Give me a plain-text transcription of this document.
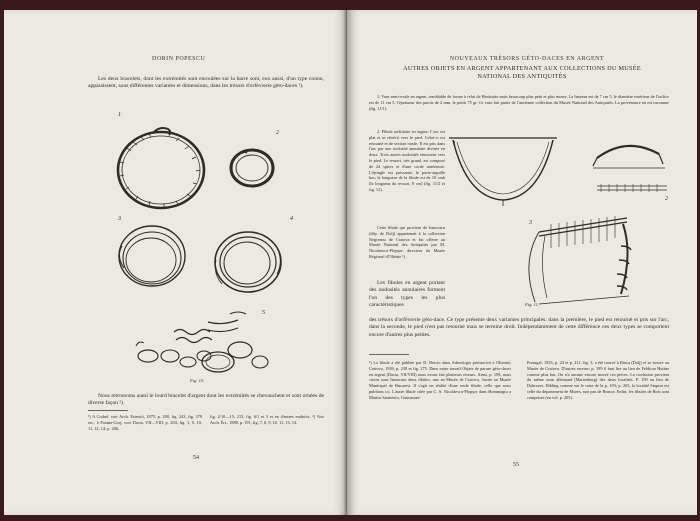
DORIN POPESCU
Les deux bracelets, dont les extrémités sont enroulées sur la barre sont, eux aussi, d'un type connu, apparaissent, sous différentes variantes et dimensions, dans les trésors d'orfèvrerie gèto-daces ¹).
1
2
3	4
5
Fig. 10.
Nous retrouvons aussi le lourd bracelet d'argent dont les extrémités se chevauchent et sont ornées de diverse façon ²).
¹) A Corbel, voir Arch. Ertesitö, 1875, p. 290, fig. 243, fig. 378 etc.; à Poiana-Gorj, voir Dacia, VII—VIII, p. 204, fig. 1, 9, 10, 11, 12, 14; p. 206,
fig. 2/10—15; 213, fig. 6/1 et 3 et en d'autres endroits. ²) Voir Arch. Ért., 1888, p. 191, fig. 7, 8, 9, 10, 11, 13, 14.
54
NOUVEAUX TRÉSORS GÈTO-DACES EN ARGENT
AUTRES OBJETS EN ARGENT APPARTENANT AUX COLLECTIONS DU MUSÉE
NATIONAL DES ANTIQUITÉS
1. Vase semi-ovale en argent, semblable de forme à celui de Herästräu mais beaucoup plus petit et plus mince. La hauteur est de 7 cm 5, le diamètre extérieur de l'orifice est de 11 cm 5, l'épaisseur des parois de 2 mm, le poids 75 gr. Ce vase fait partie de l'ancienne collection du Musée National des Antiquités. La provenance en est inconnue (fig. 11/1).
2. Fibule nodulaire en argent. L'arc est plat et se rétrécit vers le pied. Celui-ci est retourné et de section ronde. Il est pris dans l'arc par une nodosité annulaire divisée en deux. Trois autres nodosités entourent vers le pied. Le ressort, très grand, est composé de 24 spires et d'une corde antérieure. L'épingle est puissante, le porte-aiguille bas; la longueur de la fibule est de 10 cmh (la longueur du ressort, 8 cm) (fig. 11/2 et fig. 12).
Cette fibule qui provient de Ismovaru (dép. de Dolj) appartenait à la collection Negreanu de Craiova et fut offerte au Musée National des Antiquités par M. Nicolaescu-Plopşor, directeur du Musée Régional d'Olténie ¹).
1
2
3
Fig. 11.
Les fibules en argent portant des nodosités annulaires forment l'un des types les plus caractéristiques
des trésors d'orfèvrerie gèto-dace. Ce type présente deux variantes principales: dans la première, le pied est retourné et pris sur l'arc, dans la seconde, le pied n'est pas retourné mais se termine droit. Indépendamment de cette différence ces deux types se comportent encore d'autres plus petites.
¹) La fibule a été publiée par D. Berciu dans Arheologia preistorică a Olteniei, Craiova, 1939, p. 238 et fig. 275. Dans notre travail Objets de parure gèto-daces en argent (Dacia, VII/VIII) nous avons fait plusieurs erreurs. Ainsi, p. 198, nous citons sous Ismovaru deux fibules, une au Musée de Craiova, l'autre au Musée Municipal de Bucarest. Il s'agit en réalité d'une seule fibule, celle que nous publions ici. L'autre fibule citée par C. S. Nicolăescu-Plopşor dans Hommagiu a Marius Sarmento, Guimaraes-
Portugal, 1933, p. 24 et p. 211, fig. 3, a été trouvé à Bărca (Dolj) et se trouve au Musée de Craiova. D'autres erreurs: p. 199 il faut lire au lieu de Feldiora Hutine comme plus bas. On n'a aucune encore trouvé ces pièces. La confusion provient du même nom allemand (Marienburg) des deux localités. P. 199 au lieu de Dobrozzi. Dibling comme sur le carte de la p. 193; p. 203, la localité Stupini est celle du département de Mures, non pas de Brasov. Enfin, les fibules de Bois sont comprises (en vol. p. 205).
55
